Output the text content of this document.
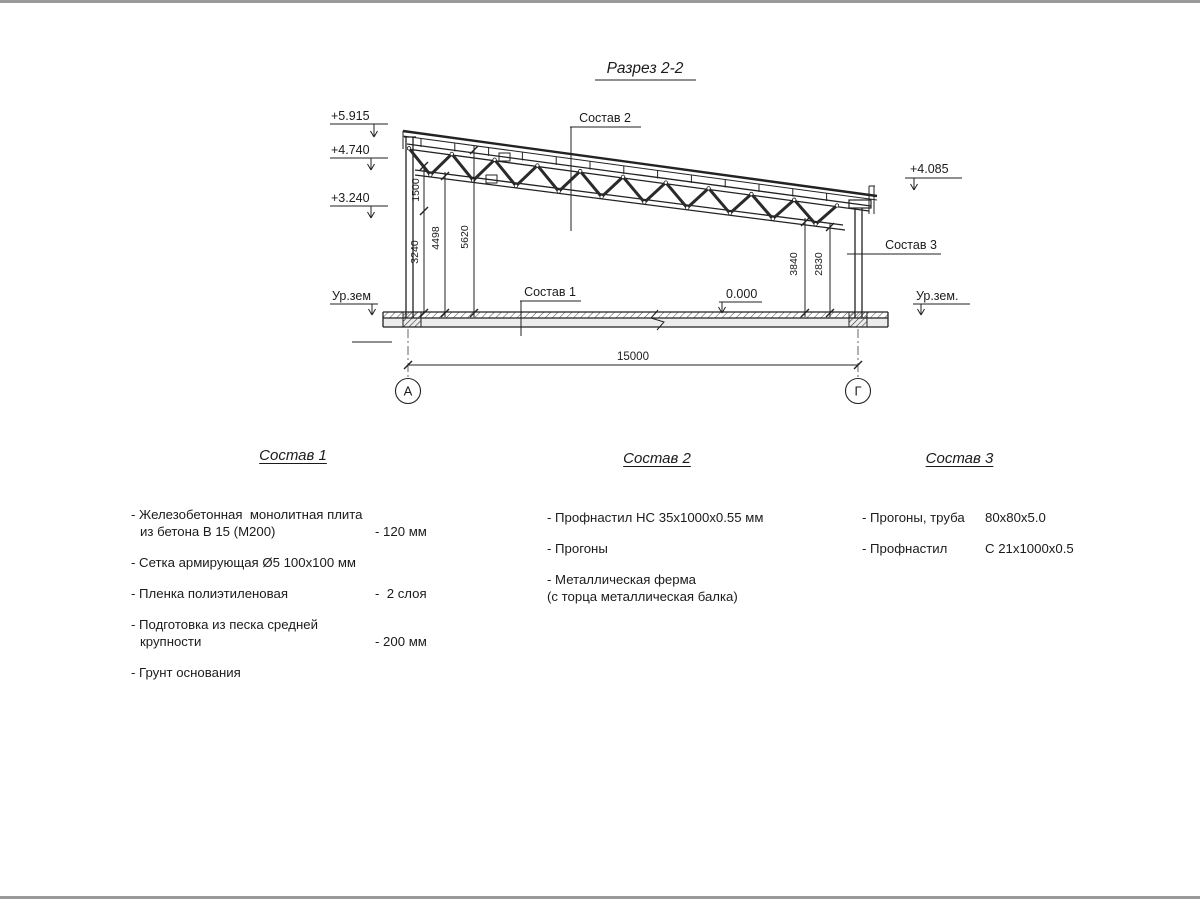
Разрез 2-2
+5.915
+4.740
+3.240
+4.085
Ур.зем	Ур.зем.
0.000
1500
3240
4498 5620
3840 2830
15000
А	Г
Состав 2
Состав 1
Состав 3
Состав 1
- Железобетонная  монолитная плита
из бетона В 15 (М200)	- 120 мм
- Сетка армирующая Ø5 100х100 мм
- Пленка полиэтиленовая	-  2 слоя
- Подготовка из песка средней
крупности	- 200 мм
- Грунт основания
Состав 2
- Профнастил НС 35х1000х0.55 мм
- Прогоны
- Металлическая ферма
(с торца металлическая балка)
Состав 3
- Прогоны, труба	80х80х5.0
- Профнастил	С 21х1000х0.5
